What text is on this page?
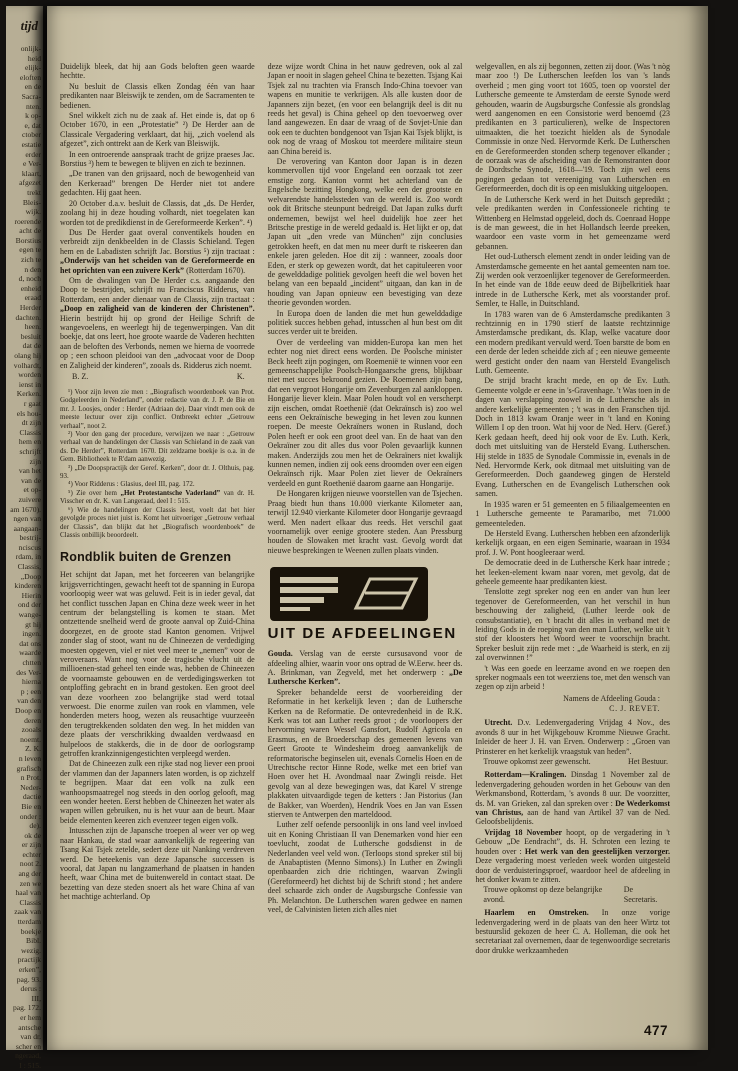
tijd
onlijk-
heid
elijk-
eloften
en de
Sacra-
nten.
k op-
e, dat
ctober
estatie
erder
e Ver-
klaart,
afgezet
trekt
Bleis-
wijk.
roerende
acht de
Borstius
egen te
zich te
n den
d, noch
enheid
eraad
Herder
dachten.
heen.
besluit
dat de
olang hij
volhardt,
worden
ienst in
Kerken.
r gaat
els hou-
dt zijn
Classis
hem en
schrijft
zijn
van het
van de
et op-
zuivere
am 1670).
ngen van
aangaan-
bestrij-
nciscus
rdam, in
Classis,
„Doop
kinderen
Hierin
ond der
wange-
gt hij
ingen.
dat ons
waarde
chtten
des Ver-
hierna
p ; een
van den
Doop en
deren
zooals
noemt.
Z. K.
n leven
grafisch
n Prot.
Neder-
dactie
Bie en
onder :
de).
ok de
er zijn
echter
noot 2.
ang der
zen we
haal van
Classis
zaak van
tterdam
boekje
Bibl.
wezig.
practijk
erken”,
pag. 93.
derus :
III,
pag. 172.
er hem
antsche
van dr.
scher en
ngeraad,
I : 515.

Duidelijk bleek, dat hij aan Gods beloften geen waarde hechtte.

Nu besluit de Classis elken Zondag één van haar predikanten naar Bleiswijk te zenden, om de Sacramenten te bedienen.

Snel wikkelt zich nu de zaak af. Het einde is, dat op 6 October 1670, in een „Protestatie” ²) De Herder aan de Classicale Vergadering verklaart, dat hij, „zich voelend als afgezet”, zich onttrekt aan de Kerk van Bleiswijk.

In een ontroerende aanspraak tracht de grijze praeses Jac. Borstius ³) hem te bewegen te blijven en zich te bezinnen.

„De tranen van den grijsaard, noch de bewogenheid van den Kerkeraad” brengen De Herder niet tot andere gedachten. Hij gaat heen.

20 October d.a.v. besluit de Classis, dat „ds. De Herder, zoolang hij in deze houding volhardt, niet toegelaten kan worden tot de predikdienst in de Gereformeerde Kerken”. ⁴)

Dus De Herder gaat overal conventikels houden en verbreidt zijn denkbeelden in de Classis Schieland. Tegen hem en de Labadisten schrijft Jac. Borstius ⁵) zijn tractaat : „Onderwijs van het scheiden van de Gereformeerde en het oprichten van een zuivere Kerk” (Rotterdam 1670).

Om de dwalingen van De Herder c.s. aangaande den Doop te bestrijden, schrijft nu Franciscus Ridderus, van Rotterdam, een ander dienaar van de Classis, zijn tractaat : „Doop en zaligheid van de kinderen der Christenen”. Hierin bestrijdt hij op grond der Heilige Schrift de wangevoelens, en weerlegt hij de tegenwerpingen. Van dit boekje, dat ons leert, hoe groote waarde de Vaderen hechtten aan de beloften des Verbonds, nemen we hierna de voorrede op ; een schoon pleidooi van den „advocaat voor de Doop en Zaligheid der kinderen”, zooals ds. Ridderus zich noemt.

B. Z.	K.

¹) Voor zijn leven zie men : „Biografisch woordenboek van Prot. Godgeleerden in Nederland”, onder redactie van dr. J. P. de Bie en mr. J. Loosjes, onder : Herder (Adriaan de). Daar vindt men ook de meeste lectuur over zijn conflict. Ontbreekt echter „Getrouw verhaal”, noot 2.

²) Voor den gang der procedure, verwijzen we naar : „Getrouw verhaal van de handelingen der Classis van Schieland in de zaak van ds. De Herder”, Rotterdam 1670. Dit zeldzame boekje is o.a. in de Gem. Bibliotheek te R'dam aanwezig.

³) „De Doopspractijk der Geref. Kerken”, door dr. J. Olthuis, pag. 93.

⁴) Voor Ridderus : Glasius, deel III, pag. 172.

⁵) Zie over hem „Het Protestantsche Vaderland” van dr. H. Visscher en dr. K. van Langeraad, deel I : 515.

⁶) Wie de handelingen der Classis leest, voelt dat het hier gevolgde proces niet juist is. Komt het uitvoeriger „Getrouw verhaal der Classis”, dan blijkt dat het „Biografisch woordenboek” de Classis onbillijk beoordeelt.

Rondblik buiten de Grenzen

Het schijnt dat Japan, met het forceeren van belangrijke krijgsverrichtingen, gewacht heeft tot de spanning in Europa voorloopig weer wat was geluwd. Feit is in ieder geval, dat het conflict tusschen Japan en China deze week weer in het centrum der belangstelling is komen te staan. Met ontzettende snelheid werd de groote aanval op Zuid-China doorgezet, en de groote stad Kanton genomen. Vrijwel zonder slag of stoot, want nu de Chineezen de verdediging moesten opgeven, viel er niet veel meer te „nemen” voor de veroveraars. Want nog voor de tragische vlucht uit de millioenen-stad geheel ten einde was, hebben de Chineezen de voornaamste gebouwen en de verdedigingswerken tot ontploffing gebracht en in brand gestoken. Een groot deel van deze voorheen zoo belangrijke stad werd totaal verwoest. Die enorme zuilen van rook en vlammen, vele honderden meters hoog, wezen als reusachtige vuurzeeën den terugtrekkenden soldaten den weg. In het midden van deze plaats der verschrikking dwaalden verdwaasd en hulpeloos de stakkerds, die in de door de oorlogsramp getroffen krankzinnigengestichten verpleegd werden.

Dat de Chineezen zulk een rijke stad nog liever een prooi der vlammen dan der Japanners laten worden, is op zichzelf te begrijpen. Maar dat een volk na zulk een wanhoopsmaatregel nog steeds in den oorlog gelooft, mag een wonder heeten. Eerst hebben de Chineezen het water als wapen willen gebruiken, nu is het vuur aan de beurt. Maar beide elementen keeren zich evenzeer tegen eigen volk.

Intusschen zijn de Japansche troepen al weer ver op weg naar Hankau, de stad waar aanvankelijk de regeering van Tsang Kai Tsjek zetelde, sedert deze uit Nanking verdreven werd. De beteekenis van deze Japansche successen is vooral, dat Japan nu langzamerhand de plaatsen in handen heeft, waar China met de buitenwereld in contact staat. De bezetting van deze steden snoert als het ware China af van het machtige achterland. Op

deze wijze wordt China in het nauw gedreven, ook al zal Japan er nooit in slagen geheel China te bezetten. Tsjang Kai Tsjek zal nu trachten via Fransch Indo-China toevoer van wapens en munitie te verkrijgen. Als alle kusten door de Japanners zijn bezet, (en voor een belangrijk deel is dit nu reeds het geval) is China geheel op den toevoerweg over land aangewezen. En daar de vraag of de Sovjet-Unie dan ook een te duchten bondgenoot van Tsjan Kai Tsjek blijkt, is ook nog de vraag of Moskou tot meerdere militaire steun aan China bereid is.

De verovering van Kanton door Japan is in dezen kommervollen tijd voor Engeland een oorzaak tot zeer ernstige zorg. Kanton vormt het achterland van de Engelsche bezitting Hongkong, welke een der grootste en welvarendste handelssteden van de wereld is. Zoo wordt ook dit Britsche steunpunt bedreigd. Dat Japan zulks durft ondernemen, bewijst wel heel duidelijk hoe zeer het Britsche prestige in de wereld gedaald is. Het lijkt er op, dat Japan uit „den vrede van München” zijn conclusies getrokken heeft, en dat men nu meer durft te riskeeren dan enkele jaren geleden. Hoe dit zij : wanneer, zooals door Eden, er sterk op gewezen wordt, dat het capituleeren voor de gewelddadige politiek gevolgen heeft die wel boven het belang van een bepaald „incident” uitgaan, dan kan in de houding van Japan opnieuw een bevestiging van deze theorie gevonden worden.

In Europa doen de landen die met hun gewelddadige politiek succes hebben gehad, intusschen al hun best om dit succes verder uit te breiden.

Over de verdeeling van midden-Europa kan men het echter nog niet direct eens worden. De Poolsche minister Beck heeft zijn pogingen, om Roemenië te winnen voor een gemeenschappelijke Poolsch-Hongaarsche grens, blijkbaar niet met succes bekroond gezien. De Roemenen zijn bang, dat een vergroot Hongarije om Zevenburgen zal aankloppen. Hongarije liever klein. Maar Polen houdt vol en verscherpt zijn eischen, omdat Roethenië (dat Oekraïnsch is) zoo wel eens een Oekraïnische beweging in het leven zou kunnen roepen. De meeste Oekraïners wonen in Rusland, doch Polen heeft er ook een groot deel van. En de haat van den Oekraïner zou dit alles dus voor Polen gevaarlijk kunnen maken. Anderzijds zou men het de Oekraïners niet kwalijk kunnen nemen, indien zij ook eens droomden over een eigen Oekraïnsch rijk. Maar Polen ziet liever de Oekraïners verdeeld en gunt Roethenië daarom gaarne aan Hongarije.

De Hongaren krijgen nieuwe voorstellen van de Tsjechen. Praag biedt hun thans 10.000 vierkante Kilometer aan, terwijl 12.940 vierkante Kilometer door Hongarije gevraagd werd. Men nadert elkaar dus reeds. Het verschil gaat voornamelijk over eenige grootere steden. Aan Pressburg houden de Slowaken met kracht vast. Gevolg wordt dat nieuwe besprekingen te Weenen zullen plaats vinden.

UIT DE AFDEELINGEN

Gouda. Verslag van de eerste cursusavond voor de afdeeling alhier, waarin voor ons optrad de W.Eerw. heer ds. A. Brinkman, van Zegveld, met het onderwerp : „De Luthersche Kerken”.

Spreker behandelde eerst de voorbereiding der Reformatie in het kerkelijk leven ; dan de Luthersche Kerken na de Reformatie. De ontevredenheid in de R.K. Kerk was tot aan Luther reeds groot ; de voorloopers der hervorming waren Wessel Gansfort, Rudolf Agricola en Erasmus, en de Broederschap des gemeenen levens van Geert Groote te Windesheim droeg aanvankelijk de reformatorische beginselen uit, evenals Cornelis Hoen en de Utrechtsche rector Hinne Rode, welke met een brief van Hoen over het H. Avondmaal naar Zwingli reisde. Het gevolg van al deze bewegingen was, dat Karel V strenge plakkaten uitvaardigde tegen de ketters : Jan Pistorius (Jan de Bakker, van Woerden), Hendrik Voes en Jan van Essen stierven te Antwerpen den marteldood.

Luther zelf oefende persoonlijk in ons land veel invloed uit en Koning Christiaan II van Denemarken vond hier een toevlucht, zoodat de Luthersche godsdienst in de Nederlanden veel veld won. (Terloops stond spreker stil bij de Anabaptisten (Menno Simons).) In Luther en Zwingli openbaarden zich drie richtingen, waarvan Zwingli (Gereformeerd) het dichtst bij de Schrift stond ; het andere deel schaarde zich onder de Augsburgsche Confessie van Ph. Melanchton. De Lutherschen waren gedwee en namen veel, de Calvinisten lieten zich alles niet

welgevallen, en als zij begonnen, zetten zij door. (Was 't nòg maar zoo !) De Lutherschen leefden los van 's lands overheid ; men ging voort tot 1605, toen op voorstel der Luthersche gemeente te Amsterdam de eerste Synode werd gehouden, waarin de Augsburgsche Confessie als grondslag werd aangenomen en een Consistorie werd benoemd (23 predikanten en 3 particulieren), welke de Inspectoren uitmaakten, die het toezicht hielden als de Synodale Commissie in onze Ned. Hervormde Kerk. De Lutherschen en de Gereformeerden stonden scherp tegenover elkander ; de oorzaak was de afscheiding van de Remonstranten door de Dordtsche Synode, 1618—'19. Toch zijn wel eens pogingen gedaan tot vereeniging van Lutherschen en Gereformeerden, doch dit is op een mislukking uitgeloopen.

In de Luthersche Kerk werd in het Duitsch gepredikt ; vele predikanten werden in Confessioneele richting te Wittenberg en Helmstad opgeleid, doch ds. Coenraad Hoppe is de man geweest, die in het Hollandsch leerde preeken, waardoor een vaste vorm in het gemeenzame werd gebannen.

Het oud-Luthersch element zendt in onder leiding van de Amsterdamsche gemeente en het aantal gemeenten nam toe. Zij werden ook verzoenlijker tegenover de Gereformeerden. In het einde van de 18de eeuw deed de Bijbelkritiek haar intrede in de Luthersche Kerk, met als voorstander prof. Semler, te Halle, in Duitschland.

In 1783 waren van de 6 Amsterdamsche predikanten 3 rechtzinnig en in 1790 stierf de laatste rechtzinnige Amsterdamsche predikant, ds. Klap, welke vacature door een modern predikant vervuld werd. Toen barstte de bom en een derde der leden scheidde zich af ; een nieuwe gemeente werd gesticht onder den naam van Hersteld Evangelisch Luth. Gemeente.

De strijd bracht kracht mede, en op de Ev. Luth. Gemeente volgde er eene in 's-Gravenhage. 't Was toen in de dagen van verslapping zoowel in de Luthersche als in andere kerkelijke gemeenten ; 't was in den Franschen tijd. Doch in 1813 kwam Oranje weer in 't land en Koning Willem I op den troon. Wat hij voor de Ned. Herv. (Geref.) Kerk gedaan heeft, deed hij ook voor de Ev. Luth. Kerk, doch met uitsluiting van de Hersteld Evang. Lutherschen. Hij stelde in 1835 de Synodale Commissie in, evenals in de Ned. Hervormde Kerk, ook ditmaal met uitsluiting van de Gereformeerden. Doch gaandeweg gingen de Hersteld Evang. Lutherschen en de Evangelisch Lutherschen ook samen.

In 1935 waren er 51 gemeenten en 5 filiaalgemeenten en 1 Luthersche gemeente te Paramaribo, met 71.000 gemeenteleden.

De Hersteld Evang. Lutherschen hebben een afzonderlijk kerkelijk orgaan, en een eigen Seminarie, waaraan in 1934 prof. J. W. Pont hoogleeraar werd.

De democratie deed in de Luthersche Kerk haar intrede ; het leeken-element kwam naar voren, met gevolg, dat de geheele gemeente haar predikanten kiest.

Tenslotte zegt spreker nog een en ander van hun leer tegenover de Gereformeerden, van het verschil in hun beschouwing der zaligheid, (Luther leerde ook de consubstantiatie), en 't bracht dit alles in verband met de leiding Gods in de roeping van den man Luther, welke uit 't stof der kloosters het Woord weer te voorschijn bracht. Spreker besluit zijn rede met : „de Waarheid is sterk, en zij zal overwinnen !”

't Was een goede en leerzame avond en we roepen den spreker nogmaals een tot weerziens toe, met den wensch van zegen op zijn arbeid !

Namens de Afdeeling Gouda :
C. J. REVET.

Utrecht. D.v. Ledenvergadering Vrijdag 4 Nov., des avonds 8 uur in het Wijkgebouw Kromme Nieuwe Gracht. Inleider de heer J. H. van Erven. Onderwerp : „Groen van Prinsterer en het kerkelijk vraagstuk van heden”.

Trouwe opkomst zeer gewenscht.	Het Bestuur.

Rotterdam—Kralingen. Dinsdag 1 November zal de ledenvergadering gehouden worden in het Gebouw van den Werkmansbond, Rotterdam, 's avonds 8 uur. De voorzitter, ds. M. van Grieken, zal dan spreken over : De Wederkomst van Christus, aan de hand van Artikel 37 van de Ned. Geloofsbelijdenis.

Vrijdag 18 November hoopt, op de vergadering in 't Gebouw „De Eendracht”, ds. H. Schroten een lezing te houden over : Het werk van den geestelijken verzorger. Deze vergadering moest verleden week worden uitgesteld door de verduisteringsproef, waardoor heel de afdeeling in het donker kwam te zitten.

Trouwe opkomst op deze belangrijke avond.
De Secretaris.

Haarlem en Omstreken. In onze vorige ledenvergadering werd in de plaats van den heer Wirtz tot bestuurslid gekozen de heer C. A. Holleman, die ook het secretariaat zal overnemen, daar de tegenwoordige secretaris door drukke werkzaamheden

477
